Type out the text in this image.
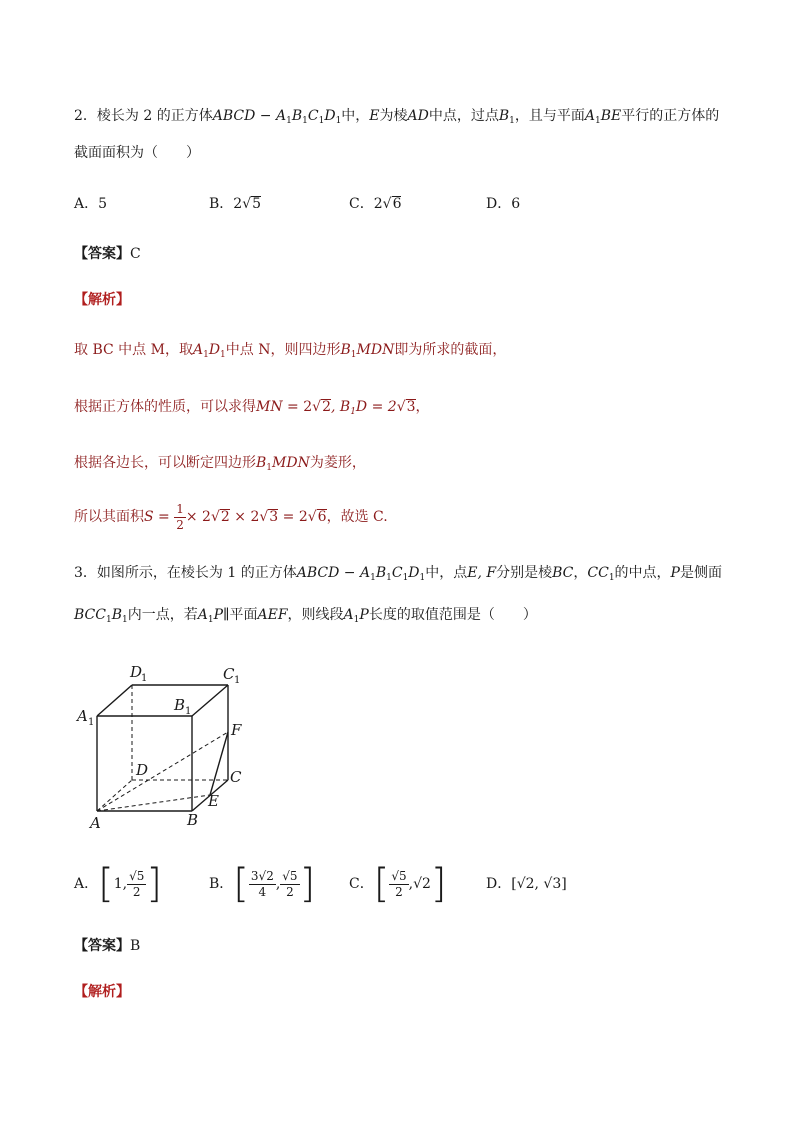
2．棱长为 2 的正方体ABCD − $A_1B_1C_1D_1$中，E为棱AD中点，过点$B_1$，且与平面$A_1BE$平行的正方体的
截面面积为（　　）
A．5	B．2√5	C．2√6	D．6
【答案】C
【解析】
取 BC 中点 M，取$A_1D_1$中点 N，则四边形$B_1MDN$即为所求的截面，
根据正方体的性质，可以求得MN = 2√2, $B_1D = 2√3$，
根据各边长，可以断定四边形$B_1MDN$为菱形，
所以其面积$S = \frac{1}{2} \times 2√2 \times 2√3 = 2√6$，故选 C.
3．如图所示，在棱长为 1 的正方体ABCD − $A_1B_1C_1D_1$中，点E, F分别是棱BC，$CC_1$的中点，P是侧面
$BCC_1B_1$内一点，若$A_1P\parallel$平面AEF，则线段$A_1P$长度的取值范围是（　　）
D
1	C 1
A 1
B 1
F
D	C
E
A	B
A． [ 1 , $\frac{√5}{2}$ ]	B． [ $\frac{3√2}{4}$ , $\frac{√5}{2}$ ] C． [ $\frac{√5}{2}$ , √2 ]	D． [√2, √3]
【答案】B
【解析】
